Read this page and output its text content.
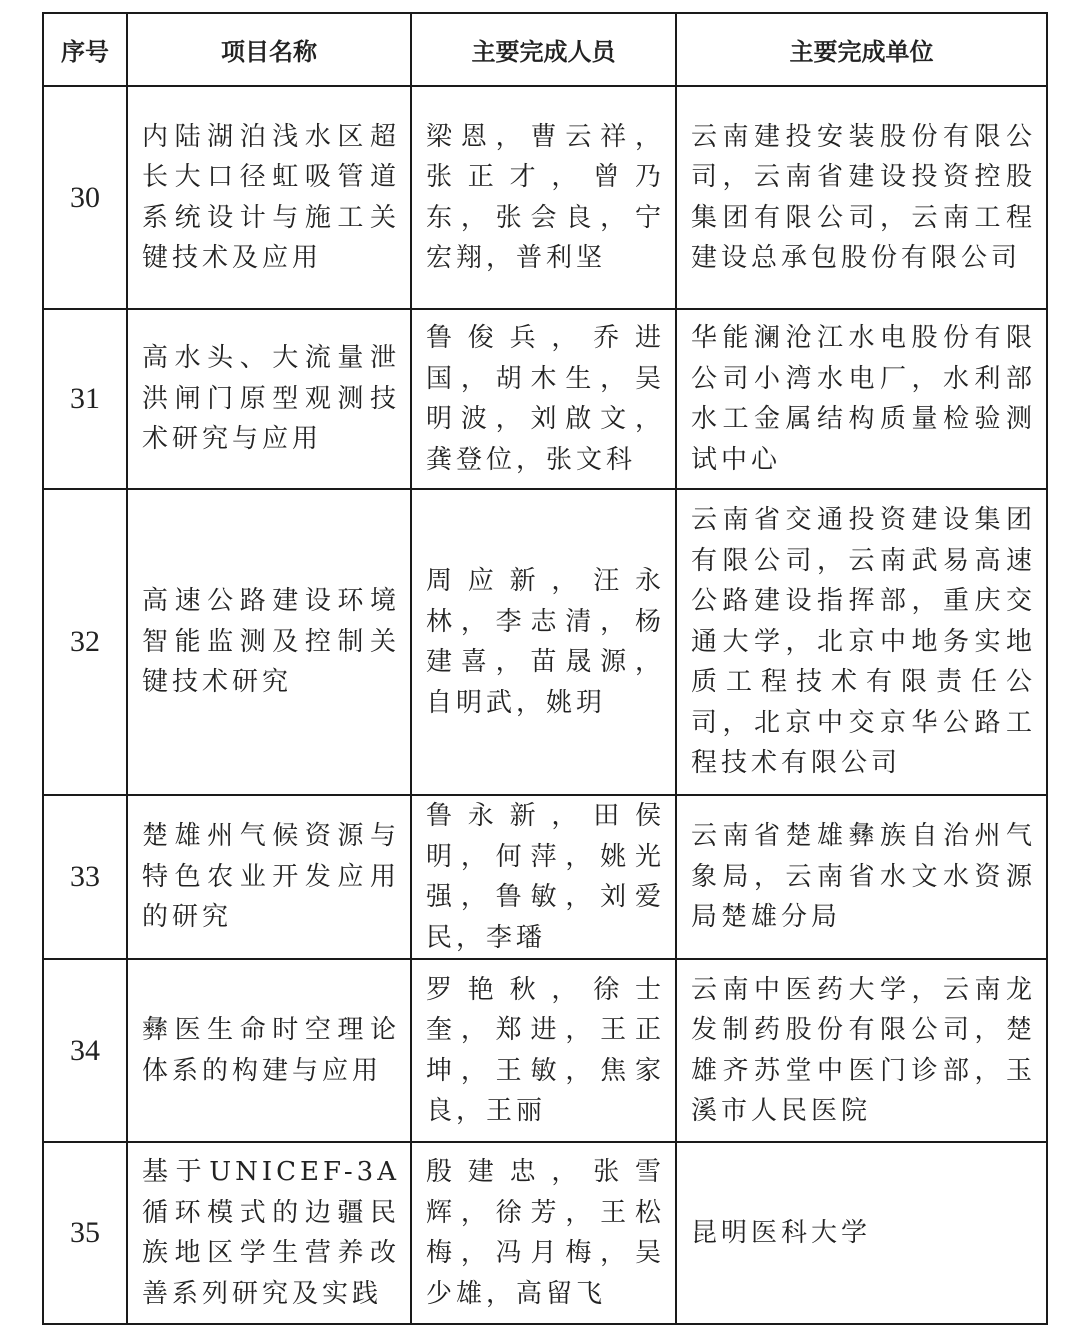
序号	项目名称	主要完成人员	主要完成单位
30	内陆湖泊浅水区超长大口径虹吸管道系统设计与施工关键技术及应用	梁恩，曹云祥，张正才，曾乃东，张会良，宁宏翔，普利坚	云南建投安装股份有限公司，云南省建设投资控股集团有限公司，云南工程建设总承包股份有限公司
31	高水头、大流量泄洪闸门原型观测技术研究与应用	鲁俊兵，乔进国，胡木生，吴明波，刘啟文，龚登位，张文科	华能澜沧江水电股份有限公司小湾水电厂，水利部水工金属结构质量检验测试中心
32	高速公路建设环境智能监测及控制关键技术研究	周应新，汪永林，李志清，杨建喜，苗晟源，自明武，姚玥	云南省交通投资建设集团有限公司，云南武易高速公路建设指挥部，重庆交通大学，北京中地务实地质工程技术有限责任公司，北京中交京华公路工程技术有限公司
33	楚雄州气候资源与特色农业开发应用的研究	鲁永新，田侯明，何萍，姚光强，鲁敏，刘爱民，李璠	云南省楚雄彝族自治州气象局，云南省水文水资源局楚雄分局
34	彝医生命时空理论体系的构建与应用	罗艳秋，徐士奎，郑进，王正坤，王敏，焦家良，王丽	云南中医药大学，云南龙发制药股份有限公司，楚雄齐苏堂中医门诊部，玉溪市人民医院
35	基于UNICEF-3A循环模式的边疆民族地区学生营养改善系列研究及实践	殷建忠，张雪辉，徐芳，王松梅，冯月梅，吴少雄，高留飞	昆明医科大学
